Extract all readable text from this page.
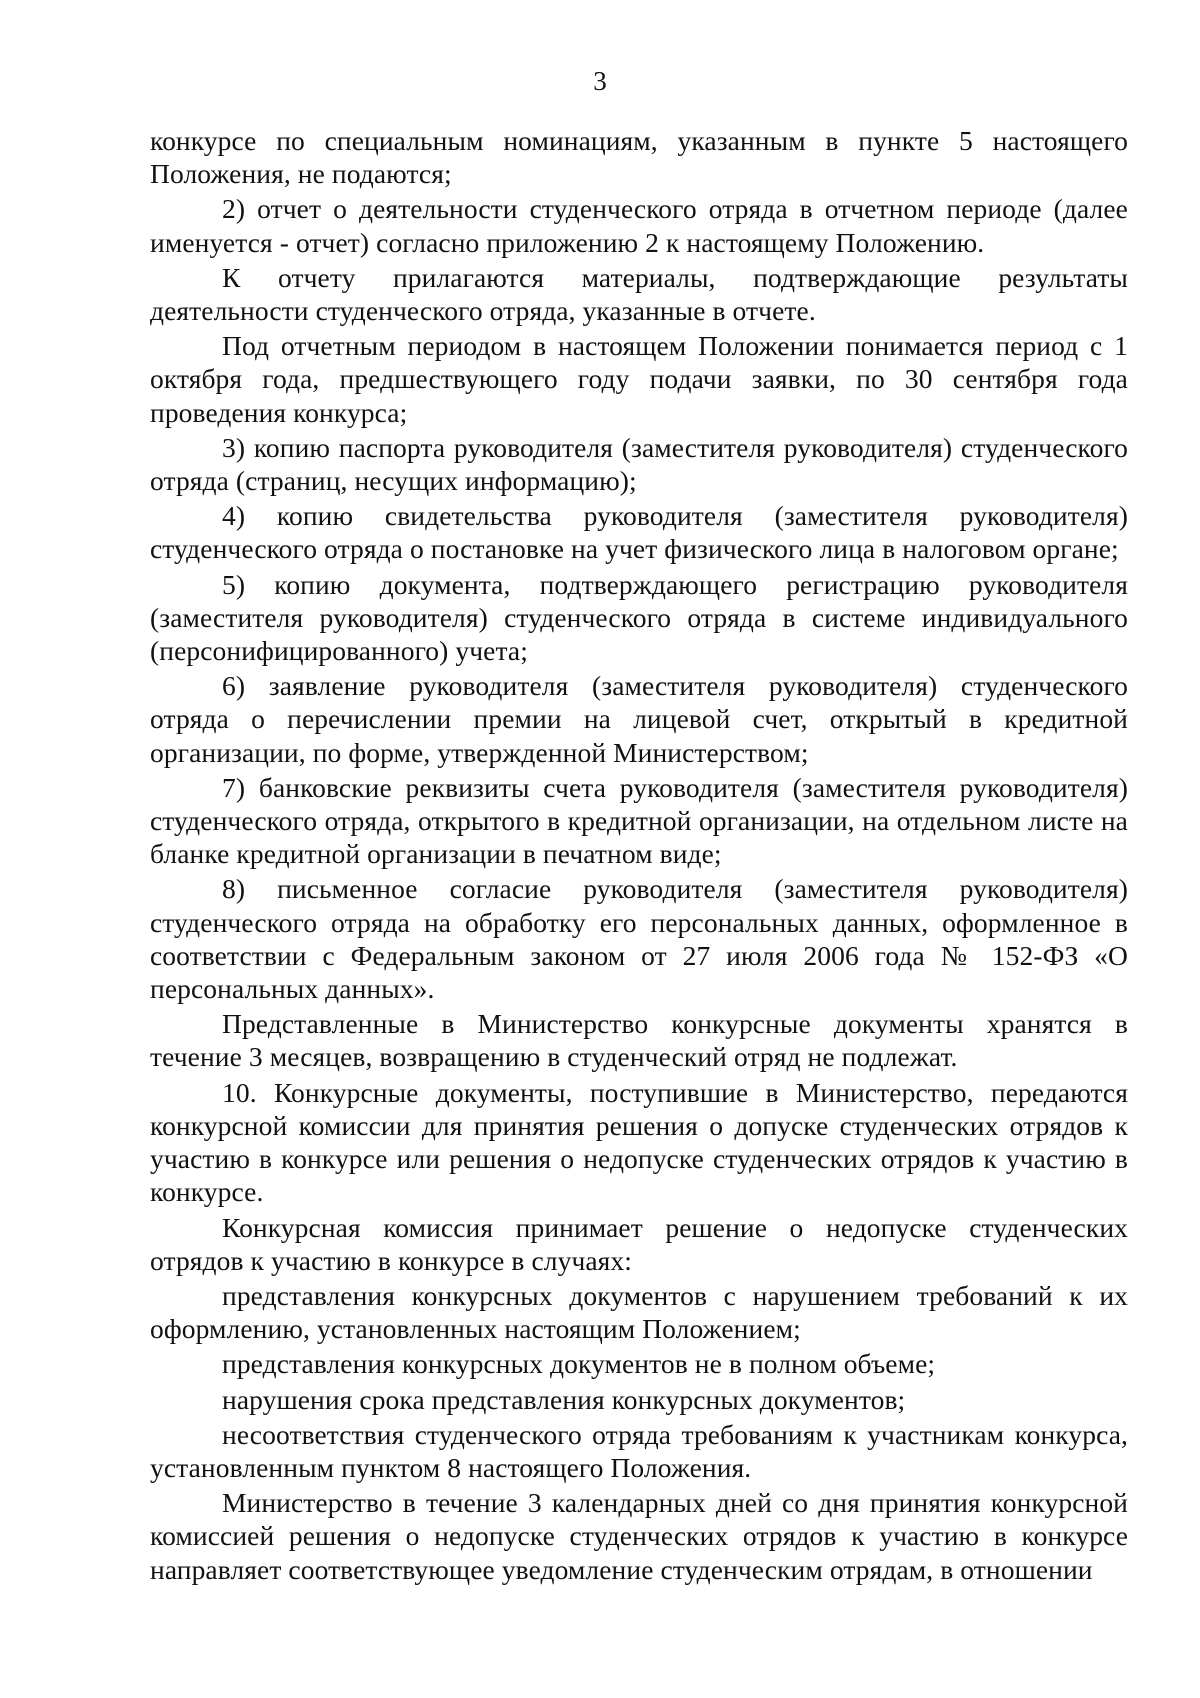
3

конкурсе по специальным номинациям, указанным в пункте 5 настоящего Положения, не подаются;

2) отчет о деятельности студенческого отряда в отчетном периоде (далее именуется - отчет) согласно приложению 2 к настоящему Положению.

К отчету прилагаются материалы, подтверждающие результаты деятельности студенческого отряда, указанные в отчете.

Под отчетным периодом в настоящем Положении понимается период с 1 октября года, предшествующего году подачи заявки, по 30 сентября года проведения конкурса;

3) копию паспорта руководителя (заместителя руководителя) студенческого отряда (страниц, несущих информацию);

4) копию свидетельства руководителя (заместителя руководителя) студенческого отряда о постановке на учет физического лица в налоговом органе;

5) копию документа, подтверждающего регистрацию руководителя (заместителя руководителя) студенческого отряда в системе индивидуального (персонифицированного) учета;

6) заявление руководителя (заместителя руководителя) студенческого отряда о перечислении премии на лицевой счет, открытый в кредитной организации, по форме, утвержденной Министерством;

7) банковские реквизиты счета руководителя (заместителя руководителя) студенческого отряда, открытого в кредитной организации, на отдельном листе на бланке кредитной организации в печатном виде;

8) письменное согласие руководителя (заместителя руководителя) студенческого отряда на обработку его персональных данных, оформленное в соответствии с Федеральным законом от 27 июля 2006 года № 152-ФЗ «О персональных данных».

Представленные в Министерство конкурсные документы хранятся в течение 3 месяцев, возвращению в студенческий отряд не подлежат.

10. Конкурсные документы, поступившие в Министерство, передаются конкурсной комиссии для принятия решения о допуске студенческих отрядов к участию в конкурсе или решения о недопуске студенческих отрядов к участию в конкурсе.

Конкурсная комиссия принимает решение о недопуске студенческих отрядов к участию в конкурсе в случаях:

представления конкурсных документов с нарушением требований к их оформлению, установленных настоящим Положением;

представления конкурсных документов не в полном объеме;

нарушения срока представления конкурсных документов;

несоответствия студенческого отряда требованиям к участникам конкурса, установленным пунктом 8 настоящего Положения.

Министерство в течение 3 календарных дней со дня принятия конкурсной комиссией решения о недопуске студенческих отрядов к участию в конкурсе направляет соответствующее уведомление студенческим отрядам, в отношении
